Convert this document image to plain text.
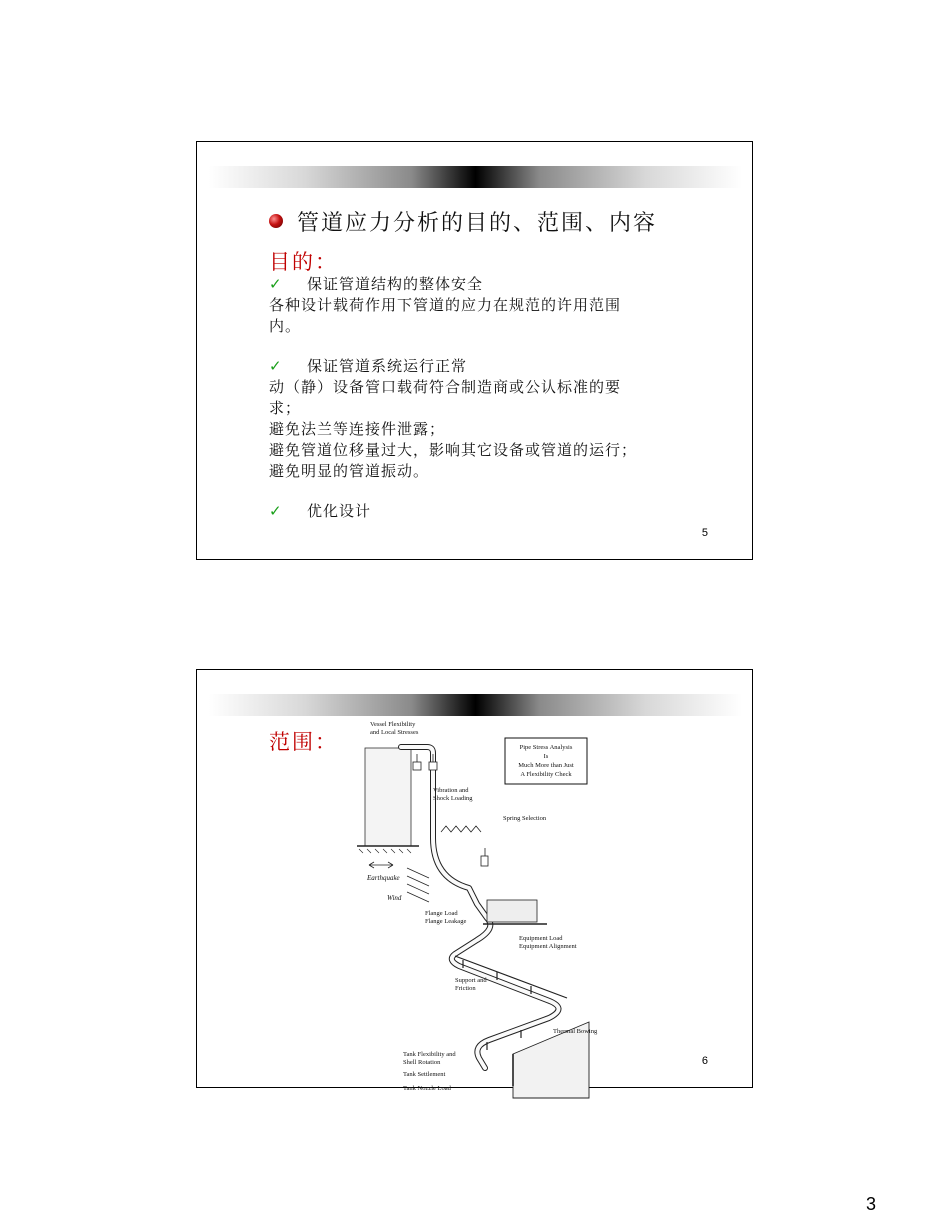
管道应力分析的目的、范围、内容
目的：

✓ 保证管道结构的整体安全

各种设计载荷作用下管道的应力在规范的许用范围

内。

✓ 保证管道系统运行正常

动（静）设备管口载荷符合制造商或公认标准的要

求；

避免法兰等连接件泄露；

避免管道位移量过大，影响其它设备或管道的运行；

避免明显的管道振动。

✓ 优化设计

5
范围：	Pipe Stress Analysis
Is
Much More than Just
A Flexibility Check
Vessel Flexibility
and Local Stresses
Vibration and
Shock Loading
Spring Selection
Earthquake
Wind
Flange Load
Flange Leakage
Equipment Load
Equipment Alignment
Support and
Friction
Thermal Bowing
Tank Flexibility and
Shell Rotation
Tank Settlement
Tank Nozzle Load
6
3
